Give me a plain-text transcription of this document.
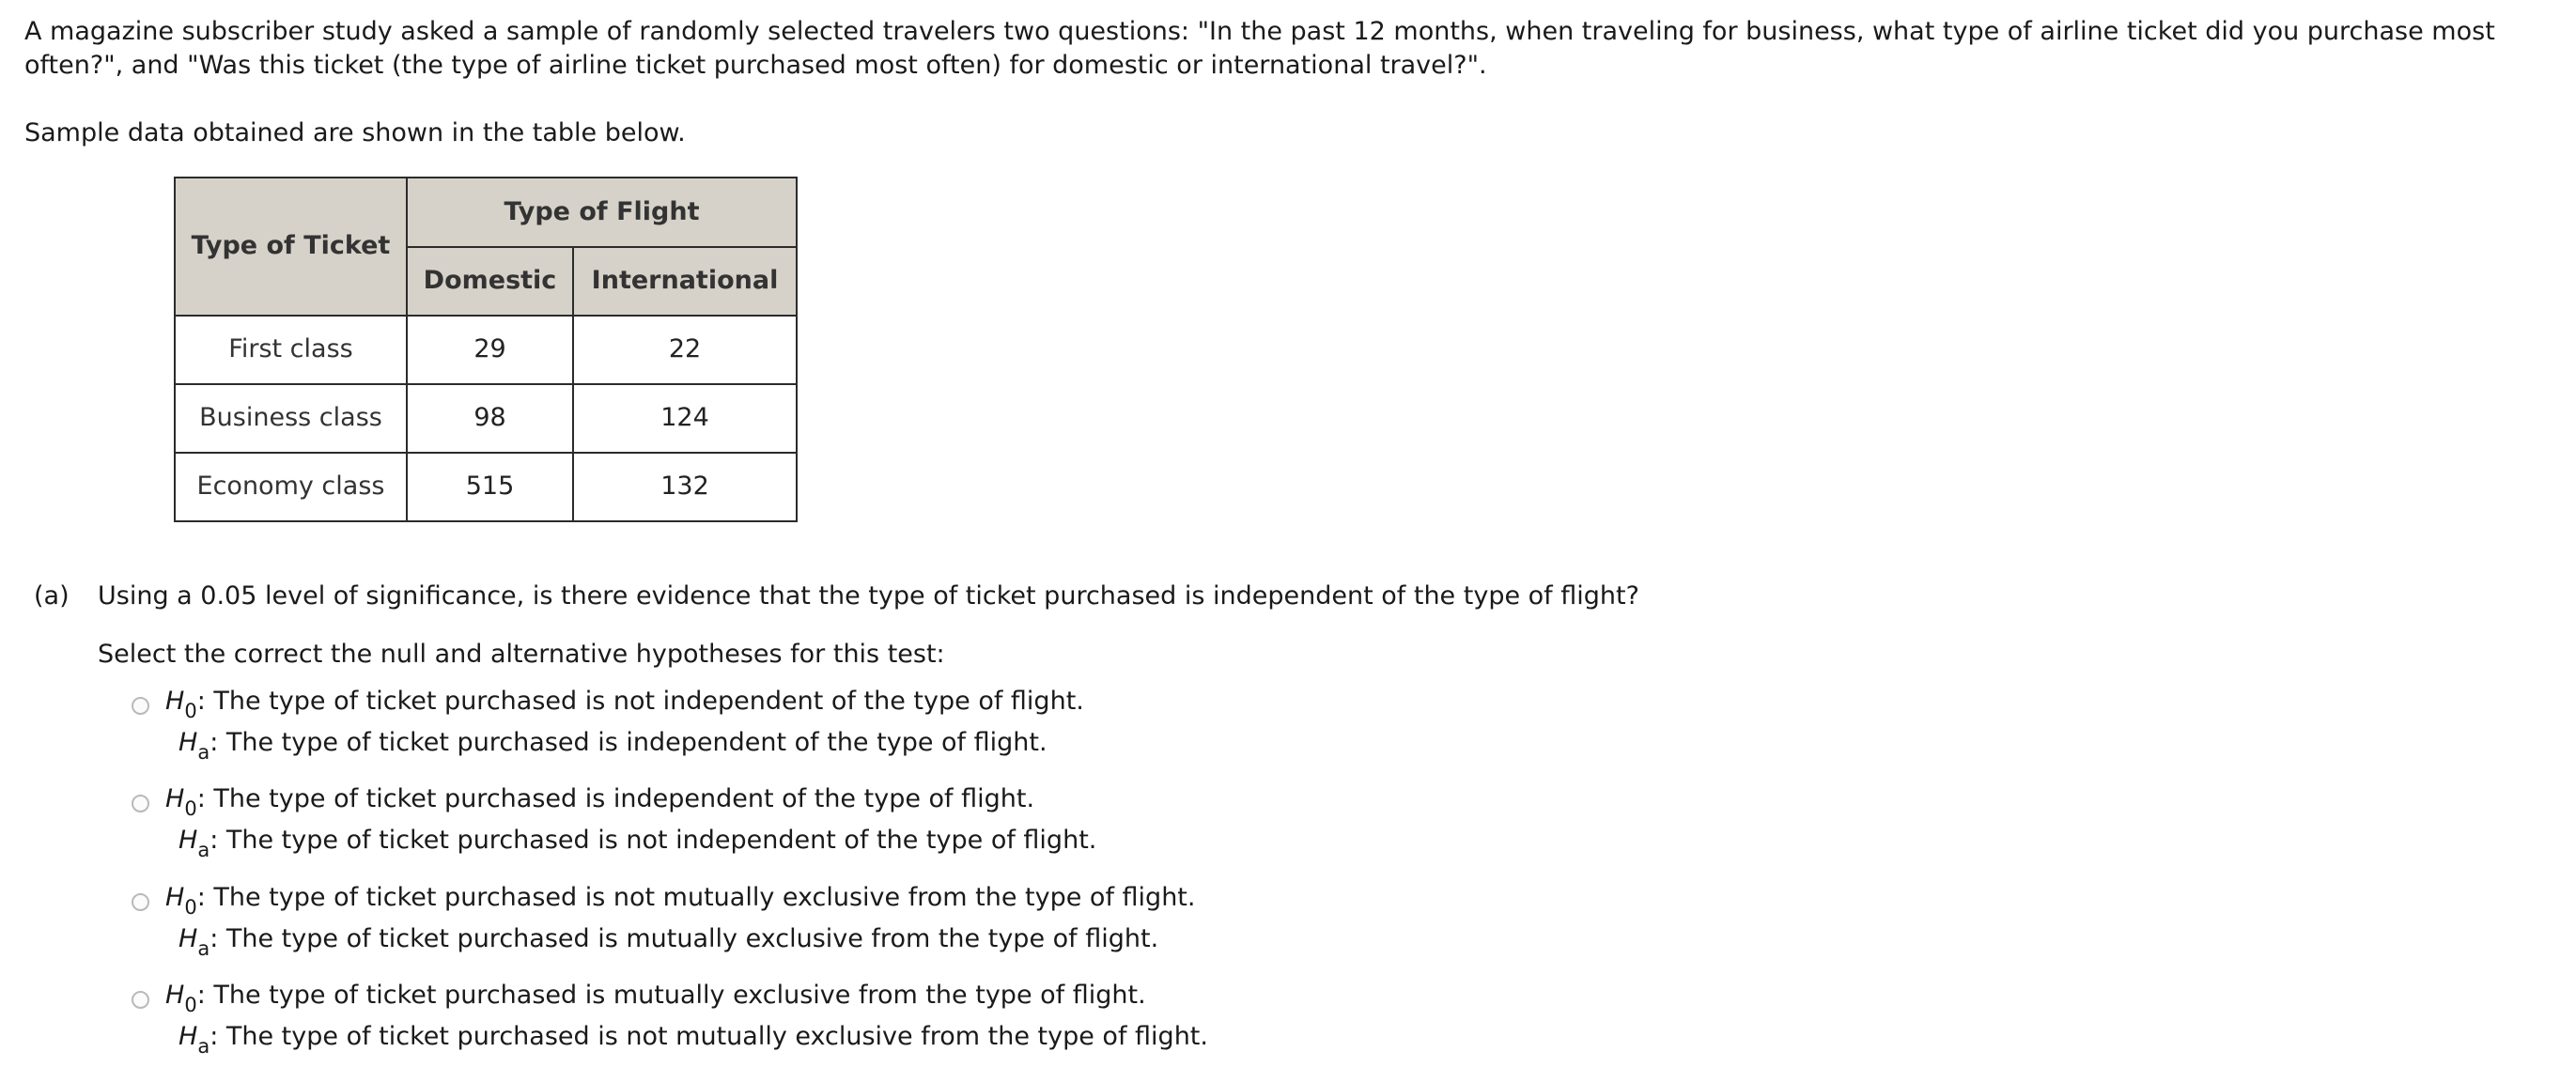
A magazine subscriber study asked a sample of randomly selected travelers two questions: "In the past 12 months, when traveling for business, what type of airline ticket did you purchase most often?", and "Was this ticket (the type of airline ticket purchased most often) for domestic or international travel?".

Sample data obtained are shown in the table below.

Type of Ticket	Type of Flight	
	Domestic	International
First class	29	22
Business class	98	124
Economy class	515	132
(a) Using a 0.05 level of significance, is there evidence that the type of ticket purchased is independent of the type of flight?
Select the correct the null and alternative hypotheses for this test:
$H_0$: The type of ticket purchased is not independent of the type of flight.
$H_a$: The type of ticket purchased is independent of the type of flight.
$H_0$: The type of ticket purchased is independent of the type of flight.
$H_a$: The type of ticket purchased is not independent of the type of flight.
$H_0$: The type of ticket purchased is not mutually exclusive from the type of flight.
$H_a$: The type of ticket purchased is mutually exclusive from the type of flight.
$H_0$: The type of ticket purchased is mutually exclusive from the type of flight.
$H_a$: The type of ticket purchased is not mutually exclusive from the type of flight.
